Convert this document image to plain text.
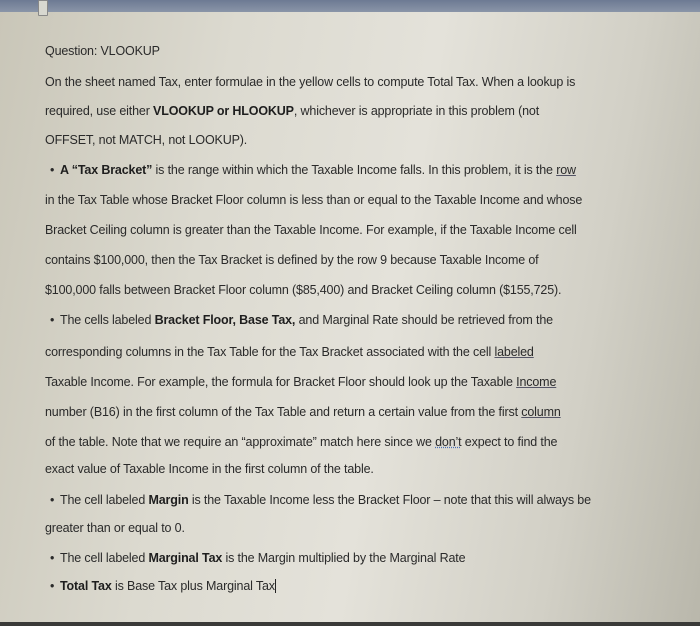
Question: VLOOKUP
On the sheet named Tax, enter formulae in the yellow cells to compute Total Tax. When a lookup is
required, use either VLOOKUP or HLOOKUP, whichever is appropriate in this problem (not
OFFSET, not MATCH, not LOOKUP).
• A “Tax Bracket” is the range within which the Taxable Income falls. In this problem, it is the row
in the Tax Table whose Bracket Floor column is less than or equal to the Taxable Income and whose
Bracket Ceiling column is greater than the Taxable Income. For example, if the Taxable Income cell
contains $100,000, then the Tax Bracket is defined by the row 9 because Taxable Income of
$100,000 falls between Bracket Floor column ($85,400) and Bracket Ceiling column ($155,725).
• The cells labeled Bracket Floor, Base Tax, and Marginal Rate should be retrieved from the
corresponding columns in the Tax Table for the Tax Bracket associated with the cell labeled
Taxable Income. For example, the formula for Bracket Floor should look up the Taxable Income
number (B16) in the first column of the Tax Table and return a certain value from the first column
of the table. Note that we require an “approximate” match here since we don’t expect to find the
exact value of Taxable Income in the first column of the table.
• The cell labeled Margin is the Taxable Income less the Bracket Floor – note that this will always be
greater than or equal to 0.
• The cell labeled Marginal Tax is the Margin multiplied by the Marginal Rate
• Total Tax is Base Tax plus Marginal Tax
